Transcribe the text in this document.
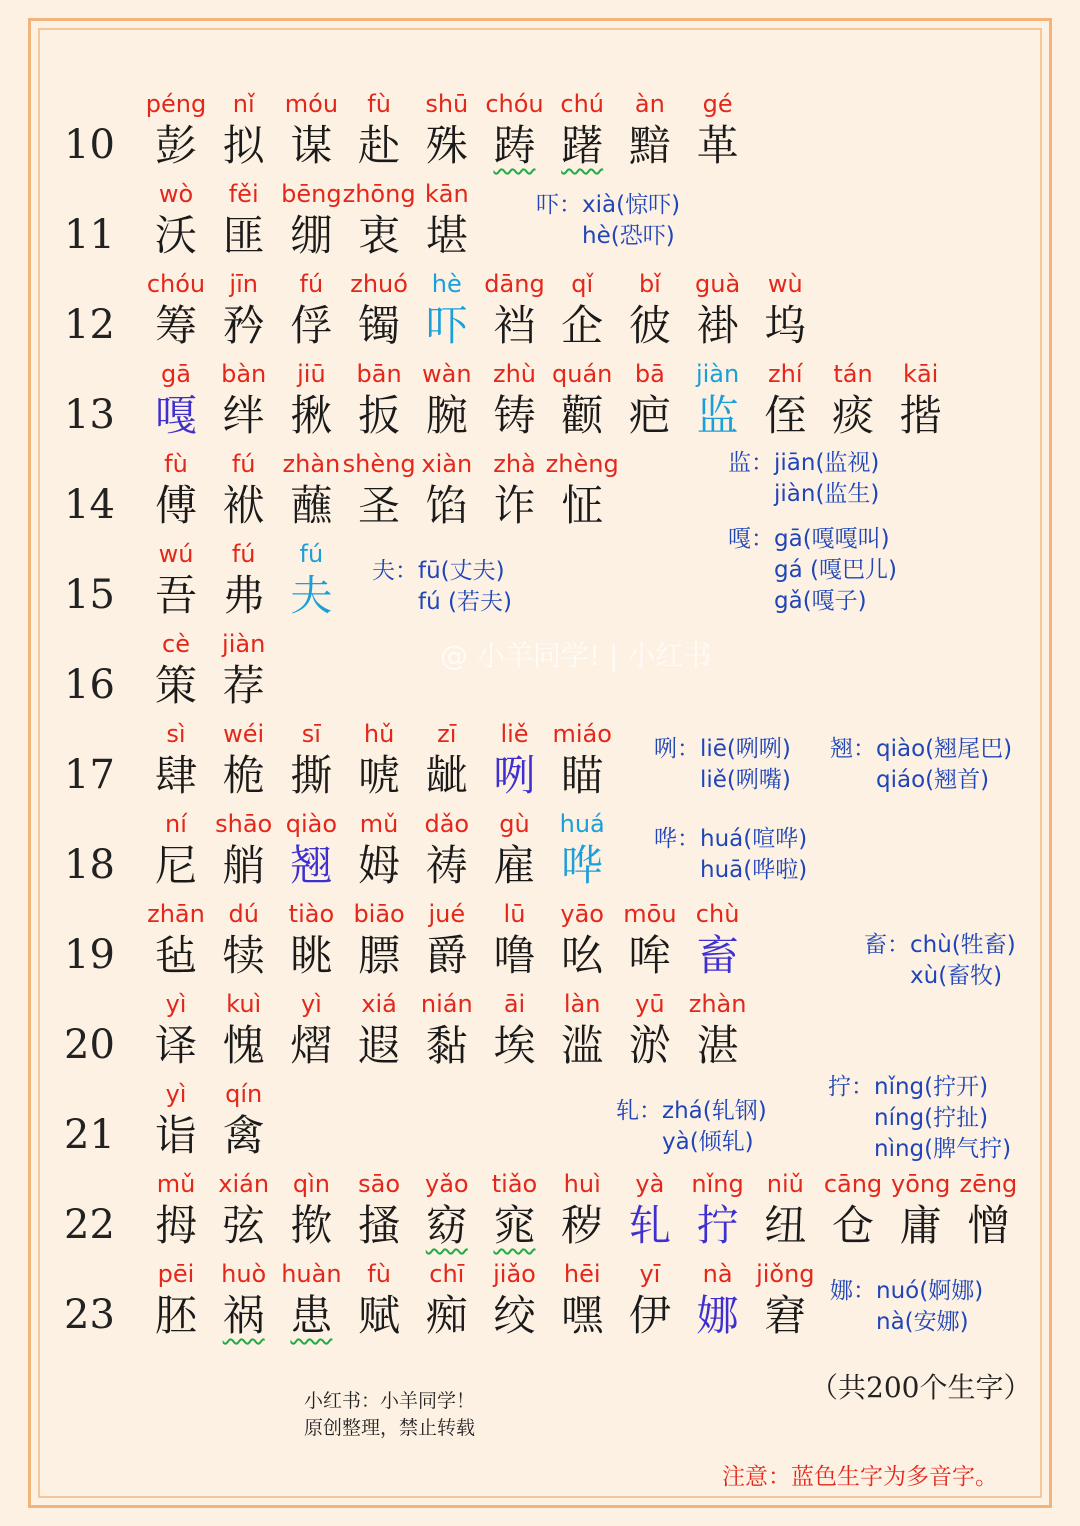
10
péng
彭
nǐ
拟
móu
谋
fù
赴
shū
殊
chóu
踌
chú
躇
àn
黯
gé
革
11
wò
沃
fěi
匪
bēng
绷
zhōng
衷
kān
堪
12
chóu
筹
jīn
矜
fú
俘
zhuó
镯
hè
吓
dāng
裆
qǐ
企
bǐ
彼
guà
褂
wù
坞
13
gā
嘎
bàn
绊
jiū
揪
bān
扳
wàn
腕
zhù
铸
quán
颧
bā
疤
jiàn
监
zhí
侄
tán
痰
kāi
揩
14
fù
傅
fú
袱
zhàn
蘸
shèng
圣
xiàn
馅
zhà
诈
zhèng
怔
15
wú
吾
fú
弗
fú
夫
16
cè
策
jiàn
荐
17
sì
肆
wéi
桅
sī
撕
hǔ
唬
zī
龇
liě
咧
miáo
瞄
18
ní
尼
shāo
艄
qiào
翘
mǔ
姆
dǎo
祷
gù
雇
huá
哗
19
zhān
毡
dú
犊
tiào
眺
biāo
膘
jué
爵
lū
噜
yāo
吆
mōu
哞
chù
畜
20
yì
译
kuì
愧
yì
熠
xiá
遐
nián
黏
āi
埃
làn
滥
yū
淤
zhàn
湛
21
yì
诣
qín
禽
22
mǔ
拇
xián
弦
qìn
揿
sāo
搔
yǎo
窈
tiǎo
窕
huì
秽
yà
轧
nǐng
拧
niǔ
纽
cāng
仓
yōng
庸
zēng
憎
23
pēi
胚
huò
祸
huàn
患
fù
赋
chī
痴
jiǎo
绞
hēi
嘿
yī
伊
nà
娜
jiǒng
窘
吓： xià(惊吓)
hè(恐吓)
监： jiān(监视)
jiàn(监生)
嘎： gā(嘎嘎叫)
gá (嘎巴儿)
gǎ(嘎子)
夫： fū(丈夫)
fú (若夫)
咧： liē(咧咧)
liě(咧嘴)
翘： qiào(翘尾巴)
qiáo(翘首)
哗： huá(喧哗)
huā(哗啦)
畜： chù(牲畜)
xù(畜牧)
拧： nǐng(拧开)
níng(拧扯)
nìng(脾气拧)
轧： zhá(轧钢)
yà(倾轧)
娜： nuó(婀娜)
nà(安娜)
@ 小羊同学! | 小红书
（共200个生字）
小红书：小羊同学！
原创整理，禁止转载
注意：蓝色生字为多音字。
